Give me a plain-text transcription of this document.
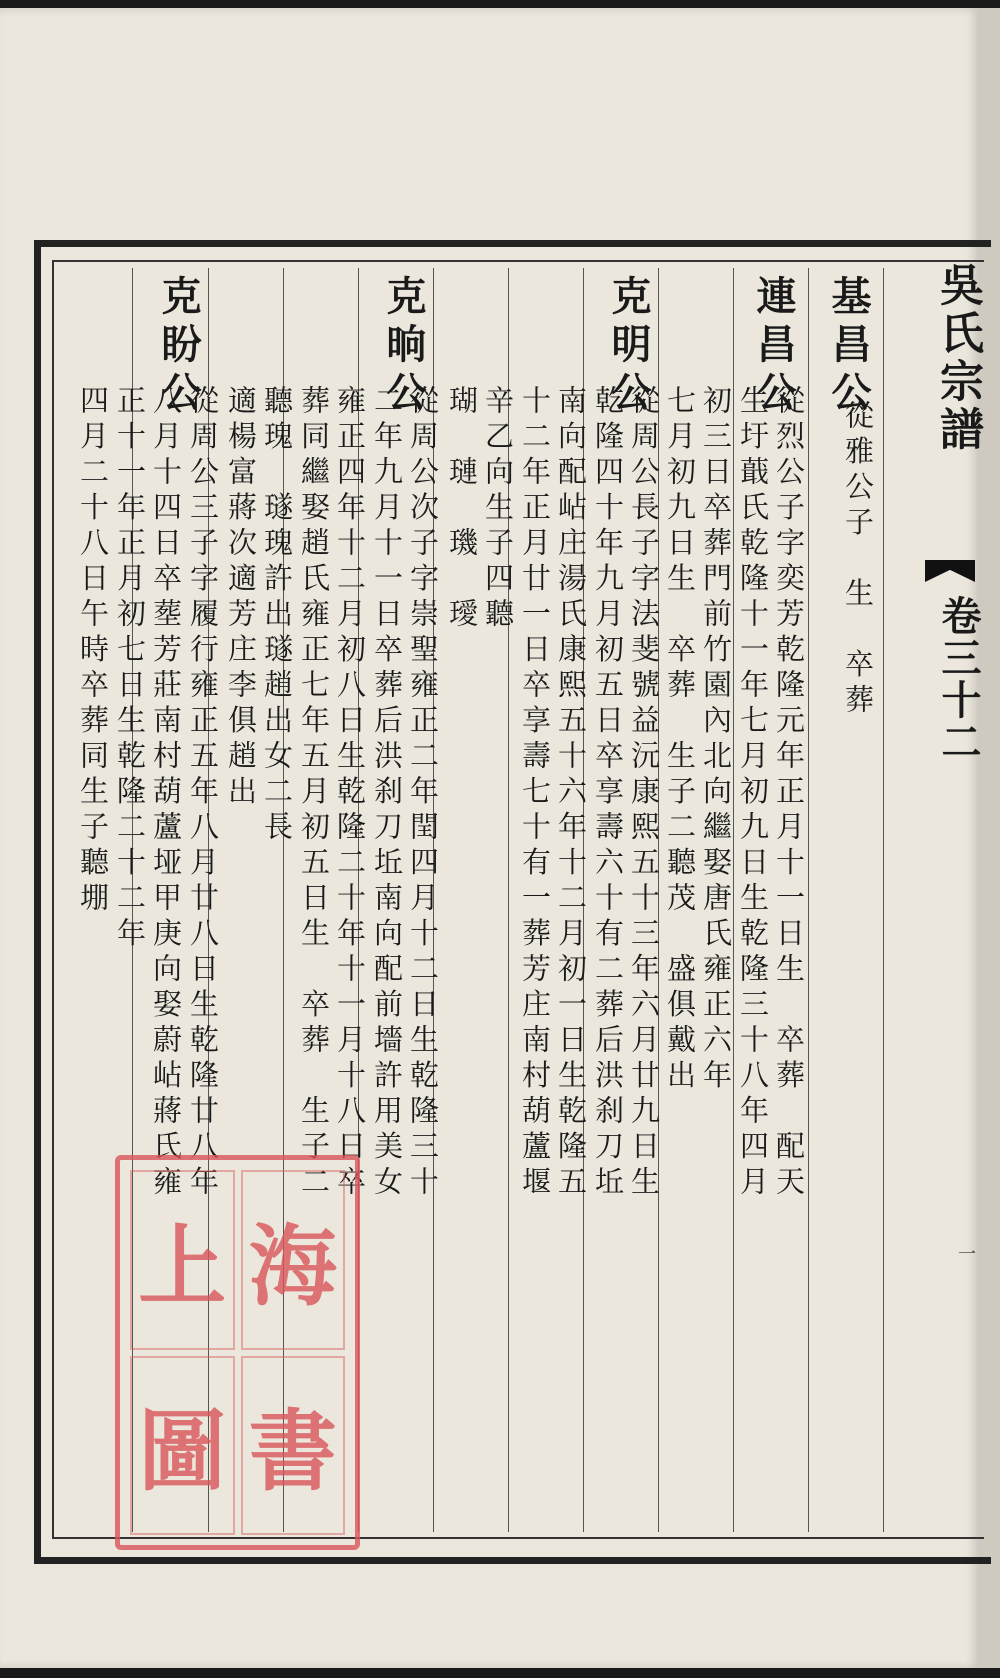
吳氏宗譜
卷三十二
一
基昌公
從雅公子　生　卒葬
連昌公
從烈公子字奕芳乾隆元年正月十一日生　卒葬　配天
生圩蕺氏乾隆十一年七月初九日生乾隆三十八年四月
初三日卒葬門前竹園內北向繼娶唐氏雍正六年
七月初九日生　卒葬　生子二聽茂　盛俱戴出
克明公
從周公長子字法斐號益沅康熙五十三年六月廿九日生
乾隆四十年九月初五日卒享壽六十有二葬后洪刹刀坵
南向配岾庄湯氏康熙五十六年十二月初一日生乾隆五
十二年正月廿一日卒享壽七十有一葬芳庄南村葫蘆堰
辛乙向生子四聽
瑚　璉　璣　璦
克晌公
從周公次子字崇聖雍正二年閏四月十二日生乾隆三十
二年九月十一日卒葬后洪刹刀坵南向配前墻許用美女
雍正四年十二月初八日生乾隆二十年十一月十八日卒
葬同繼娶趙氏雍正七年五月初五日生　卒葬　生子二
聽瑰　璲瑰許出璲趙出女二長
適楊富蔣次適芳庄李俱趙出
克盼公
從周公三子字履行雍正五年八月廿八日生乾隆廿八年
八月十四日卒塟芳莊南村葫蘆垭甲庚向娶蔚岾蔣氏雍
正十一年正月初七日生乾隆二十二年
四月二十八日午時卒葬同生子聽堋
上 海
圖 書
